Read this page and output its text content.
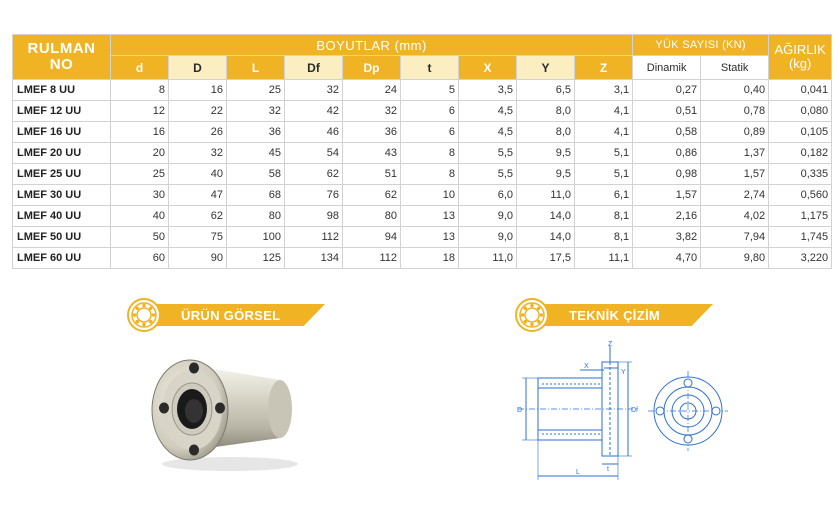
RULMAN
NO	BOYUTLAR (mm)									YÜK SAYISI (KN)		AĞIRLIK
(kg)
	d	D	L	Df	Dp	t	X	Y	Z	Dinamik	Statik	
LMEF 8 UU	8	16	25	32	24	5	3,5	6,5	3,1	0,27	0,40	0,041
LMEF 12 UU	12	22	32	42	32	6	4,5	8,0	4,1	0,51	0,78	0,080
LMEF 16 UU	16	26	36	46	36	6	4,5	8,0	4,1	0,58	0,89	0,105
LMEF 20 UU	20	32	45	54	43	8	5,5	9,5	5,1	0,86	1,37	0,182
LMEF 25 UU	25	40	58	62	51	8	5,5	9,5	5,1	0,98	1,57	0,335
LMEF 30 UU	30	47	68	76	62	10	6,0	11,0	6,1	1,57	2,74	0,560
LMEF 40 UU	40	62	80	98	80	13	9,0	14,0	8,1	2,16	4,02	1,175
LMEF 50 UU	50	75	100	112	94	13	9,0	14,0	8,1	3,82	7,94	1,745
LMEF 60 UU	60	90	125	134	112	18	11,0	17,5	11,1	4,70	9,80	3,220
ÜRÜN GÖRSEL	TEKNİK ÇİZİM
Z
X
Y
D	Df
L	t
